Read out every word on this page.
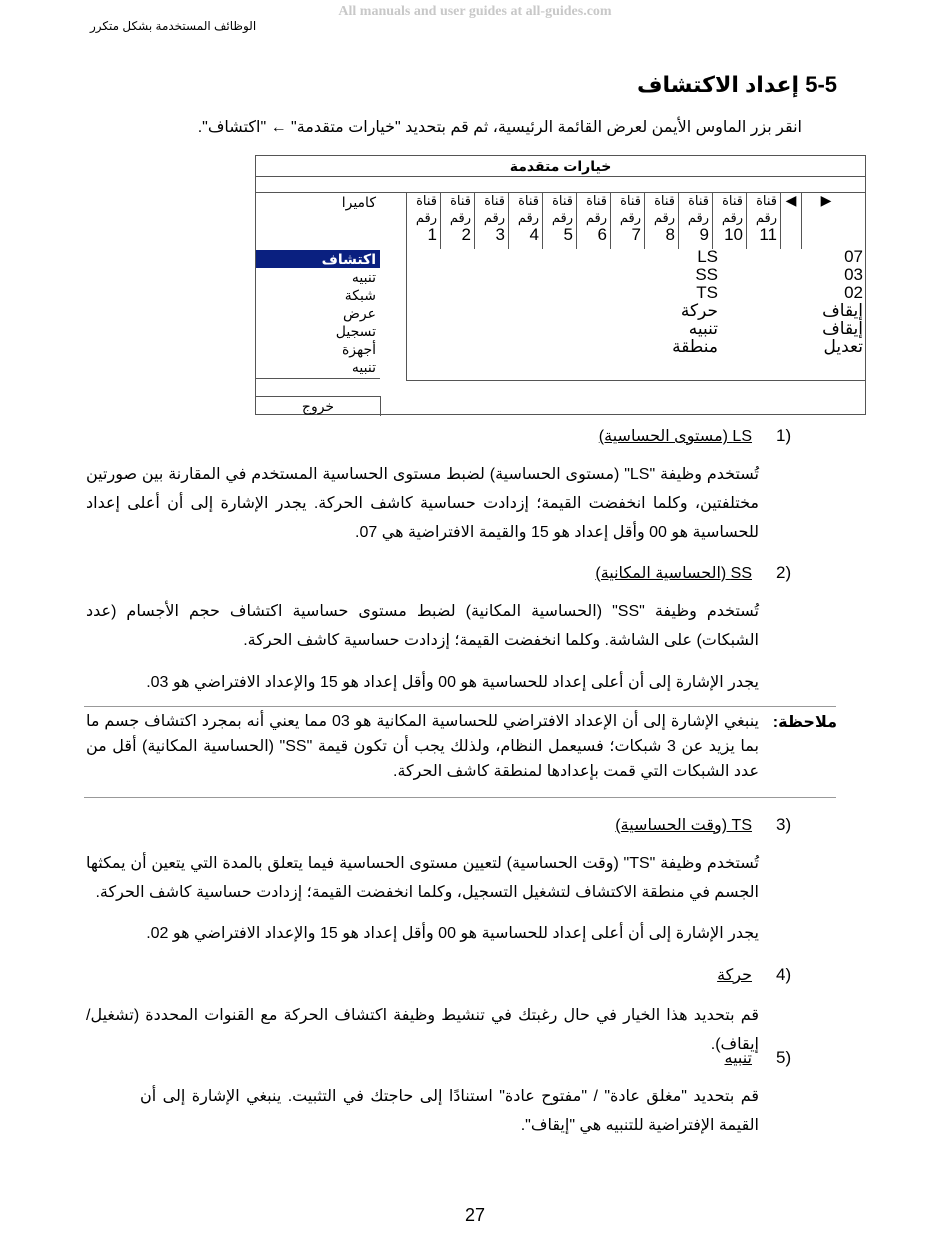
All manuals and user guides at all-guides.com
الوظائف المستخدمة بشكل متكرر
5-5 إعداد الاكتشاف
انقر بزر الماوس الأيمن لعرض القائمة الرئيسية، ثم قم بتحديد "خيارات متقدمة" ← "اكتشاف".
خيارات متقدمة
كاميرا
اكتشاف
تنبيه
شبكة
عرض
تسجيل
أجهزة
تنبيه
خروج
▶
◀
قناة
رقم
11
قناة
رقم
10
قناة
رقم
9
قناة
رقم
8
قناة
رقم
7
قناة
رقم
6
قناة
رقم
5
قناة
رقم
4
قناة
رقم
3
قناة
رقم
2
قناة
رقم
1
07
03
02
إيقاف
إيقاف
تعديل
LS
SS
TS
حركة
تنبيه
منطقة
1)
LS (مستوى الحساسية)
تُستخدم وظيفة "LS" (مستوى الحساسية) لضبط مستوى الحساسية المستخدم في المقارنة بين صورتين مختلفتين، وكلما انخفضت القيمة؛ إزدادت حساسية كاشف الحركة. يجدر الإشارة إلى أن أعلى إعداد للحساسية هو 00 وأقل إعداد هو 15 والقيمة الافتراضية هي 07.
2)
SS (الحساسية المكانية)
تُستخدم وظيفة "SS" (الحساسية المكانية) لضبط مستوى حساسية اكتشاف حجم الأجسام (عدد الشبكات) على الشاشة. وكلما انخفضت القيمة؛ إزدادت حساسية كاشف الحركة.
يجدر الإشارة إلى أن أعلى إعداد للحساسية هو 00 وأقل إعداد هو 15 والإعداد الافتراضي هو 03.
ملاحظة:
ينبغي الإشارة إلى أن الإعداد الافتراضي للحساسية المكانية هو 03 مما يعني أنه بمجرد اكتشاف جسم ما بما يزيد عن 3 شبكات؛ فسيعمل النظام، ولذلك يجب أن تكون قيمة "SS" (الحساسية المكانية) أقل من عدد الشبكات التي قمت بإعدادها لمنطقة كاشف الحركة.
3)
TS (وقت الحساسية)
تُستخدم وظيفة "TS" (وقت الحساسية) لتعيين مستوى الحساسية فيما يتعلق بالمدة التي يتعين أن يمكثها الجسم في منطقة الاكتشاف لتشغيل التسجيل، وكلما انخفضت القيمة؛ إزدادت حساسية كاشف الحركة.
يجدر الإشارة إلى أن أعلى إعداد للحساسية هو 00 وأقل إعداد هو 15 والإعداد الافتراضي هو 02.
4)
حركة
قم بتحديد هذا الخيار في حال رغبتك في تنشيط وظيفة اكتشاف الحركة مع القنوات المحددة (تشغيل/إيقاف).
5)
تنبيه
قم بتحديد "مغلق عادة" / "مفتوح عادة" استنادًا إلى حاجتك في التثبيت. ينبغي الإشارة إلى أن القيمة الإفتراضية للتنبيه هي "إيقاف".
27
